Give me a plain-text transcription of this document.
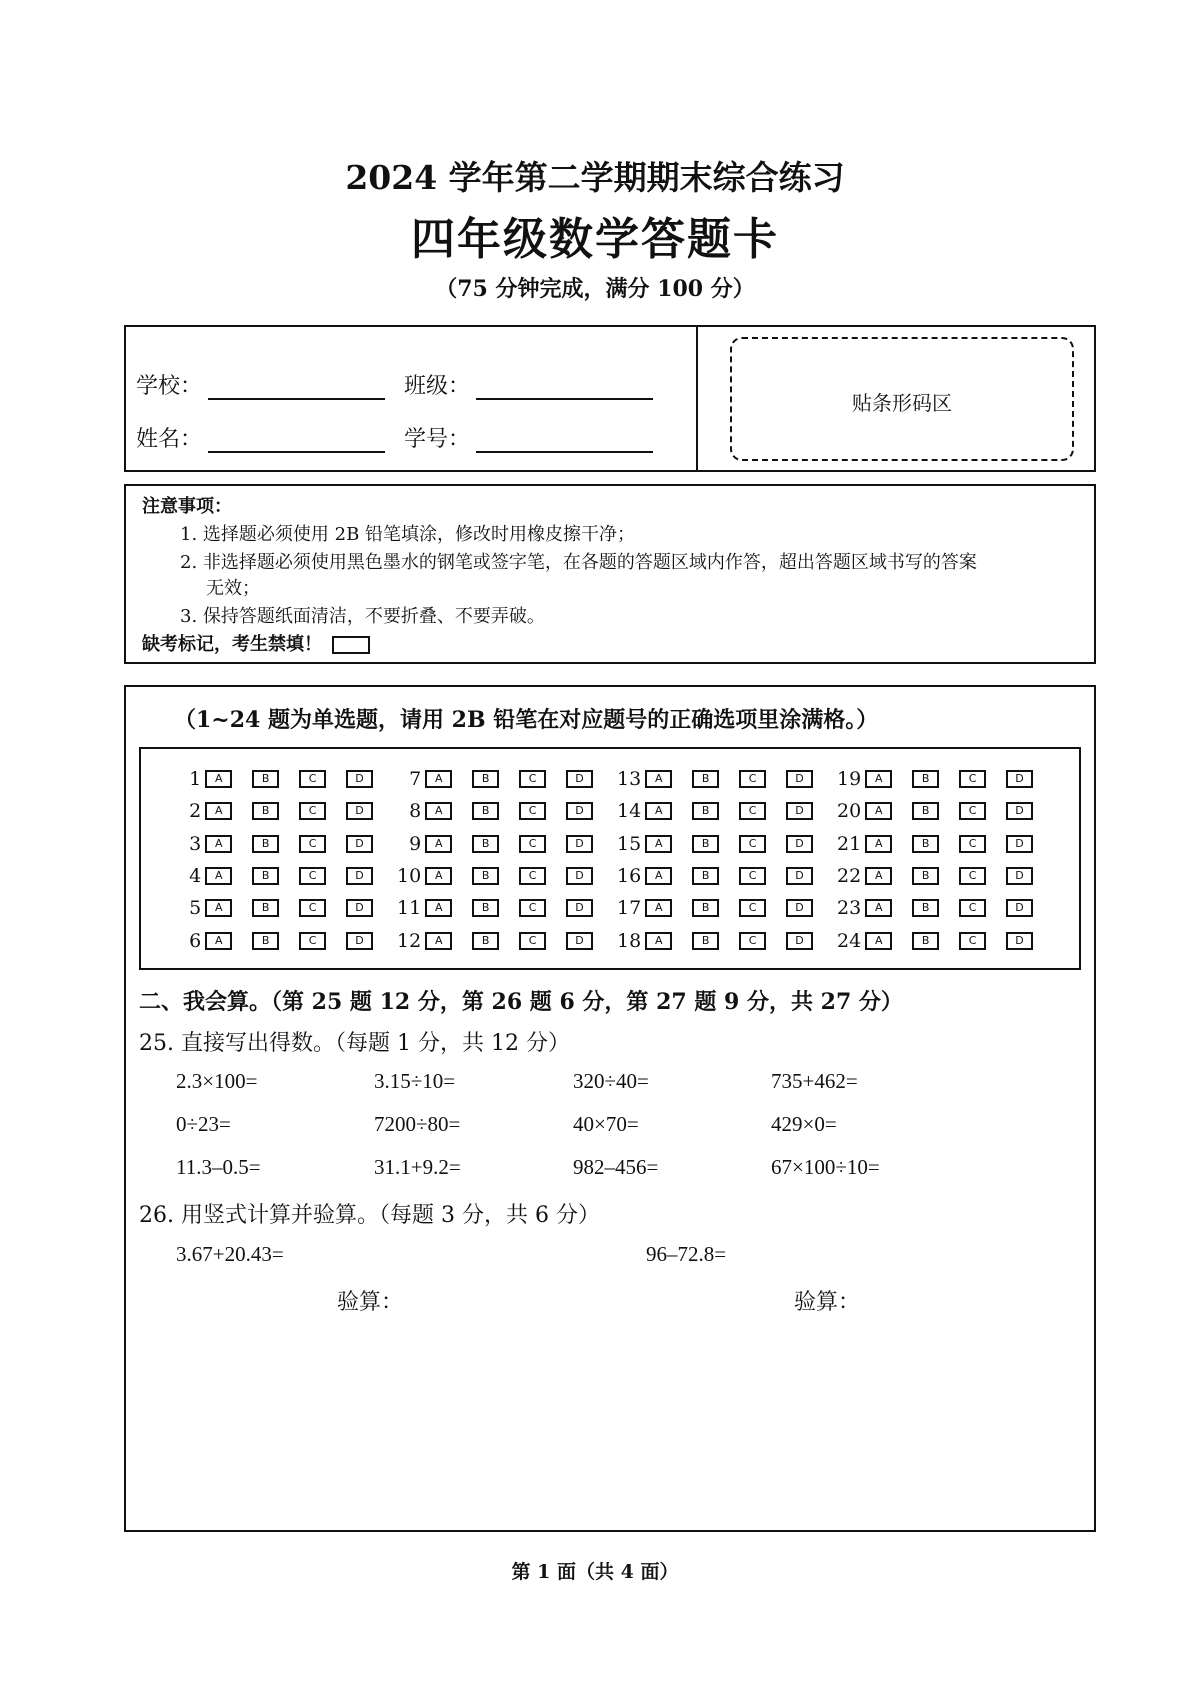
2024 学年第二学期期末综合练习
四年级数学答题卡
（75 分钟完成，满分 100 分）
学校：	班级：
姓名：	学号：
贴条形码区
注意事项：
1. 选择题必须使用 2B 铅笔填涂，修改时用橡皮擦干净；
2. 非选择题必须使用黑色墨水的钢笔或签字笔，在各题的答题区域内作答，超出答题区域书写的答案
无效；
3. 保持答题纸面清洁，不要折叠、不要弄破。
缺考标记，考生禁填！
（1~24 题为单选题，请用 2B 铅笔在对应题号的正确选项里涂满格。）
1	A	B	C	D	7	A	B	C	D	13	A	B	C	D	19	A	B	C	D
2	A	B	C	D	8	A	B	C	D	14	A	B	C	D	20	A	B	C	D
3	A	B	C	D	9	A	B	C	D	15	A	B	C	D	21	A	B	C	D
4	A	B	C	D	10	A	B	C	D	16	A	B	C	D	22	A	B	C	D
5	A	B	C	D	11	A	B	C	D	17	A	B	C	D	23	A	B	C	D
6	A	B	C	D	12	A	B	C	D	18	A	B	C	D	24	A	B	C	D
二、我会算。（第 25 题 12 分，第 26 题 6 分，第 27 题 9 分，共 27 分）
25. 直接写出得数。（每题 1 分，共 12 分）
2.3×100=	3.15÷10=	320÷40=	735+462=
0÷23=	7200÷80=	40×70=	429×0=
11.3–0.5=	31.1+9.2=	982–456=	67×100÷10=
26. 用竖式计算并验算。（每题 3 分，共 6 分）
3.67+20.43=	96–72.8=
验算：	验算：
第 1 面（共 4 面）
